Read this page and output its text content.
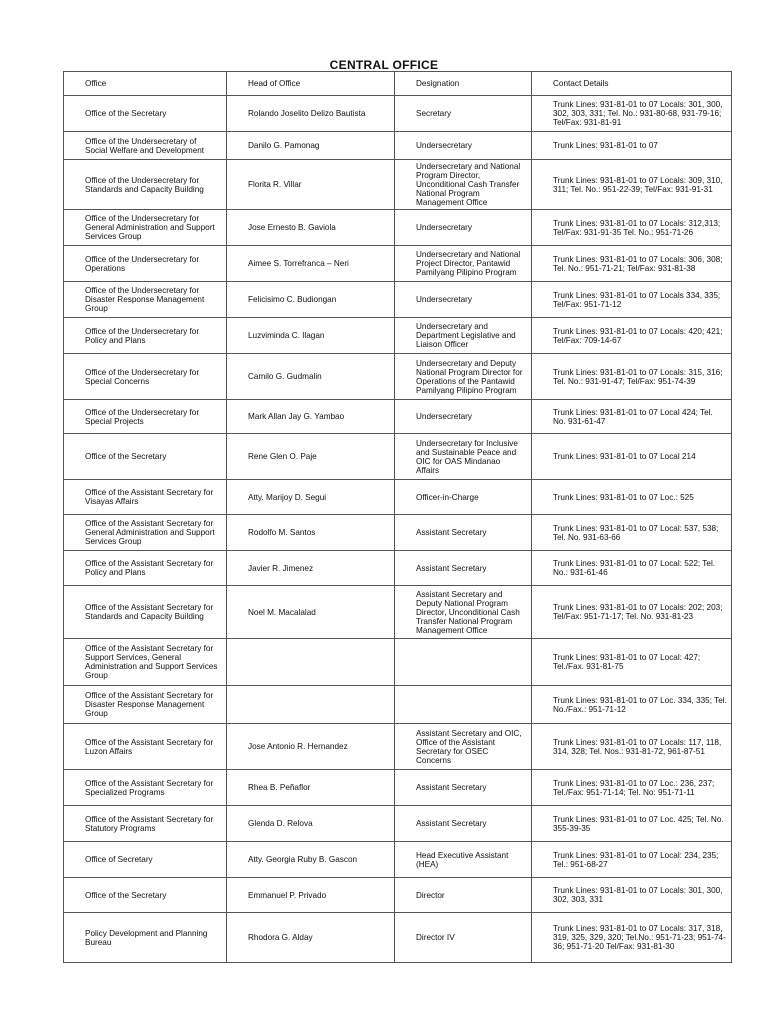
CENTRAL OFFICE
Office	Head of Office	Designation	Contact Details
Office of the Secretary	Rolando Joselito Delizo Bautista	Secretary	Trunk Lines: 931-81-01 to 07 Locals: 301, 300, 302, 303, 331; Tel. No.: 931-80-68, 931-79-16; Tel/Fax: 931-81-91
Office of the Undersecretary of Social Welfare and Development	Danilo G. Pamonag	Undersecretary	Trunk Lines: 931-81-01 to 07
Office of the Undersecretary for Standards and Capacity Building	Florita R. Villar	Undersecretary and National Program Director, Unconditional Cash Transfer National Program Management Office	Trunk Lines: 931-81-01 to 07 Locals: 309, 310, 311; Tel. No.: 951-22-39; Tel/Fax: 931-91-31
Office of the Undersecretary for General Administration and Support Services Group	Jose Ernesto B. Gaviola	Undersecretary	Trunk Lines: 931-81-01 to 07 Locals: 312,313; Tel/Fax: 931-91-35 Tel. No.: 951-71-26
Office of the Undersecretary for Operations	Aimee S. Torrefranca – Neri	Undersecretary and National Project Director, Pantawid Pamilyang Pilipino Program	Trunk Lines: 931-81-01 to 07 Locals: 306, 308; Tel. No.: 951-71-21; Tel/Fax: 931-81-38
Office of the Undersecretary for Disaster Response Management Group	Felicisimo C. Budiongan	Undersecretary	Trunk Lines: 931-81-01 to 07 Locals 334, 335; Tel/Fax: 951-71-12
Office of the Undersecretary for Policy and Plans	Luzviminda C. Ilagan	Undersecretary and Department Legislative and Liaison Officer	Trunk Lines: 931-81-01 to 07 Locals: 420; 421; Tel/Fax: 709-14-67
Office of the Undersecretary for Special Concerns	Camilo G. Gudmalin	Undersecretary and Deputy National Program Director for Operations of the Pantawid Pamilyang Pilipino Program	Trunk Lines: 931-81-01 to 07 Locals: 315, 316; Tel. No.: 931-91-47; Tel/Fax: 951-74-39
Office of the Undersecretary for Special Projects	Mark Allan Jay G. Yambao	Undersecretary	Trunk Lines: 931-81-01 to 07 Local 424; Tel. No. 931-61-47
Office of the Secretary	Rene Glen O. Paje	Undersecretary for Inclusive and Sustainable Peace and OIC for OAS Mindanao Affairs	Trunk Lines: 931-81-01 to 07 Local 214
Office of the Assistant Secretary for Visayas Affairs	Atty. Marijoy D. Segui	Officer-in-Charge	Trunk Lines: 931-81-01 to 07 Loc.: 525
Office of the Assistant Secretary for General Administration and Support Services Group	Rodolfo M. Santos	Assistant Secretary	Trunk Lines: 931-81-01 to 07 Local: 537, 538; Tel. No. 931-63-66
Office of the Assistant Secretary for Policy and Plans	Javier R. Jimenez	Assistant Secretary	Trunk Lines: 931-81-01 to 07 Local: 522; Tel. No.: 931-61-46
Office of the Assistant Secretary for Standards and Capacity Building	Noel M. Macalalad	Assistant Secretary and Deputy National Program Director, Unconditional Cash Transfer National Program Management Office	Trunk Lines: 931-81-01 to 07 Locals: 202; 203; Tel/Fax: 951-71-17; Tel. No. 931-81-23
Office of the Assistant Secretary for Support Services, General Administration and Support Services Group			Trunk Lines: 931-81-01 to 07 Local: 427; Tel./Fax. 931-81-75
Office of the Assistant Secretary for Disaster Response Management Group			Trunk Lines: 931-81-01 to 07 Loc. 334, 335; Tel. No./Fax.: 951-71-12
Office of the Assistant Secretary for Luzon Affairs	Jose Antonio R. Hernandez	Assistant Secretary and OIC, Office of the Assistant Secretary for OSEC Concerns	Trunk Lines: 931-81-01 to 07 Locals: 117, 118, 314, 328; Tel. Nos.: 931-81-72, 961-87-51
Office of the Assistant Secretary for Specialized Programs	Rhea B. Peñaflor	Assistant Secretary	Trunk Lines: 931-81-01 to 07 Loc.: 236, 237; Tel./Fax: 951-71-14; Tel. No: 951-71-11
Office of the Assistant Secretary for Statutory Programs	Glenda D. Relova	Assistant Secretary	Trunk Lines: 931-81-01 to 07 Loc. 425; Tel. No. 355-39-35
Office of Secretary	Atty. Georgia Ruby B. Gascon	Head Executive Assistant (HEA)	Trunk Lines: 931-81-01 to 07 Local: 234, 235; Tel.: 951-68-27
Office of the Secretary	Emmanuel P. Privado	Director	Trunk Lines: 931-81-01 to 07 Locals: 301, 300, 302, 303, 331
Policy Development and Planning Bureau	Rhodora G. Alday	Director IV	Trunk Lines: 931-81-01 to 07 Locals: 317, 318, 319, 325, 329, 320; Tel.No.: 951-71-23; 951-74-36; 951-71-20 Tel/Fax: 931-81-30
